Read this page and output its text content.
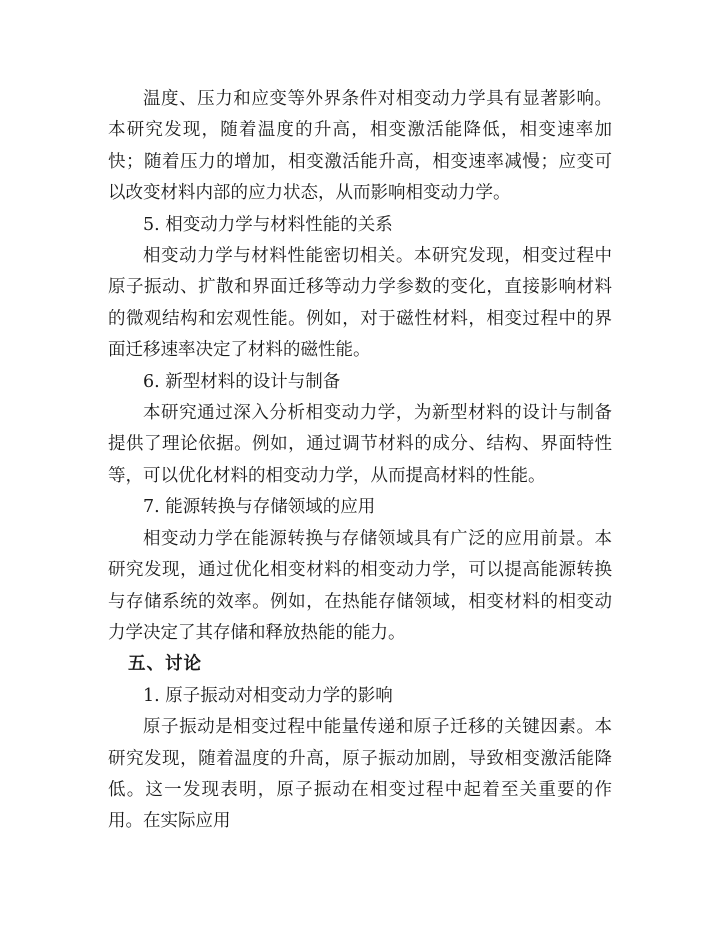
温度、压力和应变等外界条件对相变动力学具有显著影响。本研究发现，随着温度的升高，相变激活能降低，相变速率加快；随着压力的增加，相变激活能升高，相变速率减慢；应变可以改变材料内部的应力状态，从而影响相变动力学。

5. 相变动力学与材料性能的关系

相变动力学与材料性能密切相关。本研究发现，相变过程中原子振动、扩散和界面迁移等动力学参数的变化，直接影响材料的微观结构和宏观性能。例如，对于磁性材料，相变过程中的界面迁移速率决定了材料的磁性能。

6. 新型材料的设计与制备

本研究通过深入分析相变动力学，为新型材料的设计与制备提供了理论依据。例如，通过调节材料的成分、结构、界面特性等，可以优化材料的相变动力学，从而提高材料的性能。

7. 能源转换与存储领域的应用

相变动力学在能源转换与存储领域具有广泛的应用前景。本研究发现，通过优化相变材料的相变动力学，可以提高能源转换与存储系统的效率。例如，在热能存储领域，相变材料的相变动力学决定了其存储和释放热能的能力。

五、讨论

1. 原子振动对相变动力学的影响

原子振动是相变过程中能量传递和原子迁移的关键因素。本研究发现，随着温度的升高，原子振动加剧，导致相变激活能降低。这一发现表明，原子振动在相变过程中起着至关重要的作用。在实际应用
